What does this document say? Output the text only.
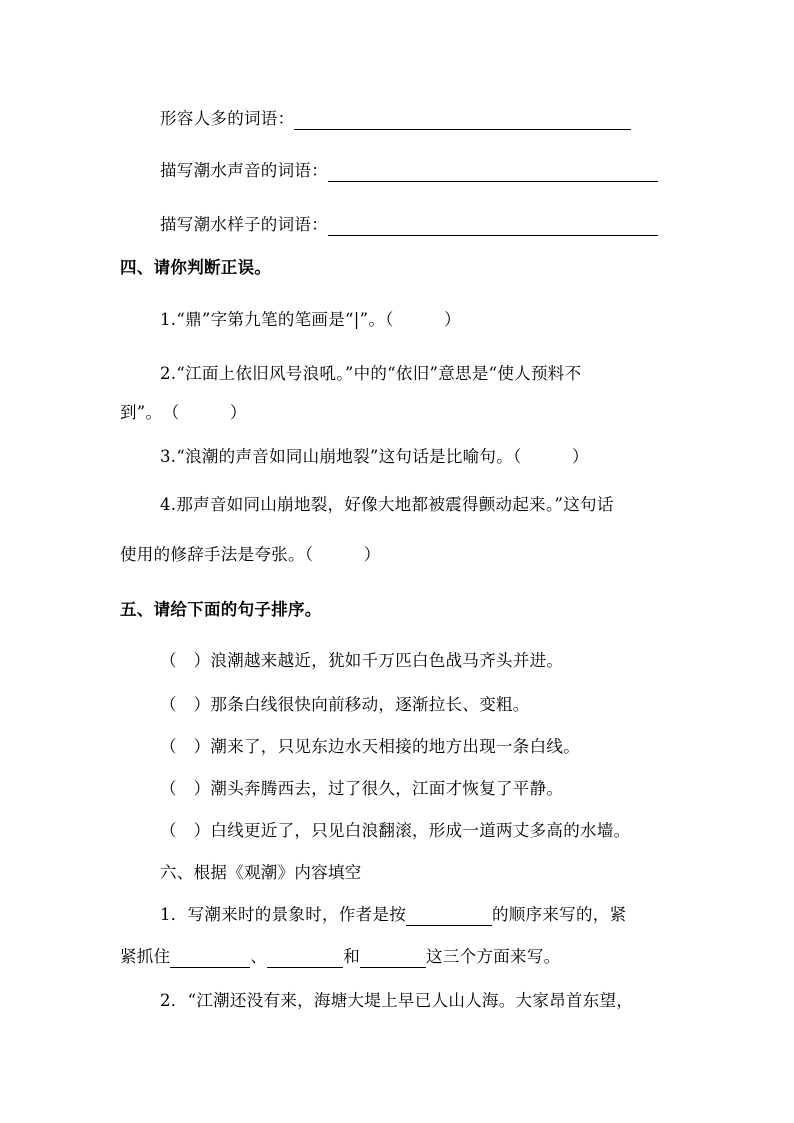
形容人多的词语：
描写潮水声音的词语：
描写潮水样子的词语：
四、请你判断正误。
1.“鼎”字第九笔的笔画是“|”。（　　　）
2.“江面上依旧风号浪吼。”中的“依旧”意思是“使人预料不
到”。　（　　　）
3.“浪潮的声音如同山崩地裂”这句话是比喻句。（　　　）
4.那声音如同山崩地裂，好像大地都被震得颤动起来。”这句话
使用的修辞手法是夸张。（　　　）
五、请给下面的句子排序。
（　）浪潮越来越近，犹如千万匹白色战马齐头并进。
（　）那条白线很快向前移动，逐渐拉长、变粗。
（　）潮来了，只见东边水天相接的地方出现一条白线。
（　）潮头奔腾西去，过了很久，江面才恢复了平静。
（　）白线更近了，只见白浪翻滚，形成一道两丈多高的水墙。
六、根据《观潮》内容填空
1．写潮来时的景象时，作者是按	的顺序来写的，紧
紧抓住	、	和	这三个方面来写。
2．“江潮还没有来，海塘大堤上早已人山人海。大家昂首东望，
